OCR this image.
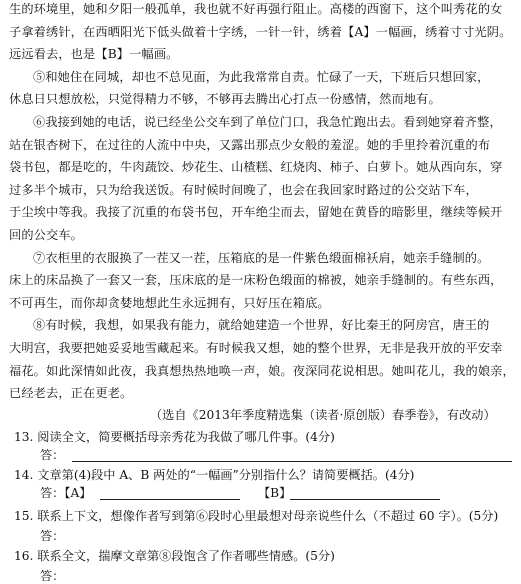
生的环境里，她和夕阳一般孤单，我也就不好再强行阻止。高楼的西窗下，这个叫秀花的女
子拿着绣针，在西晒阳光下低头做着十字绣，一针一针，绣着【A】一幅画，绣着寸寸光阴。
远远看去，也是【B】一幅画。
⑤和她住在同城，却也不总见面，为此我常常自责。忙碌了一天，下班后只想回家，
休息日只想放松，只觉得精力不够，不够再去腾出心打点一份感情，然而地有。
⑥我接到她的电话，说已经坐公交车到了单位门口，我急忙跑出去。看到她穿着齐整，
站在银杏树下，在过往的人流中中央，又露出那点少女般的羞涩。她的手里拎着沉重的布
袋书包，都是吃的，牛肉蔬饺、炒花生、山楂糕、红烧肉、柿子、白萝卜。她从西向东，穿
过多半个城市，只为给我送饭。有时候时间晚了，也会在我回家时路过的公交站下车，
于尘埃中等我。我接了沉重的布袋书包，开车绝尘而去，留她在黄昏的暗影里，继续等候开
回的公交车。
⑦衣柜里的衣服换了一茬又一茬，压箱底的是一件紫色缎面棉袄肩，她亲手缝制的。
床上的床品换了一套又一套，压床底的是一床粉色缎面的棉被，她亲手缝制的。有些东西，
不可再生，而你却贪婪地想此生永远拥有，只好压在箱底。
⑧有时候，我想，如果我有能力，就给她建造一个世界，好比秦王的阿房宫，唐王的
大明宫，我要把她妥妥地雪藏起来。有时候我又想，她的整个世界，无非是我开放的平安幸
福花。如此深情如此夜，我真想热热地唤一声，娘。夜深同花说相思。她叫花儿，我的娘亲，
已经老去，正在更老。
（选自《2013年季度精选集（读者·原创版）春季卷》，有改动）
13. 阅读全文，简要概括母亲秀花为我做了哪几件事。(4分)
答：
14. 文章第(4)段中 A、B 两处的“一幅画”分别指什么？请简要概括。(4分)
答：【A】	【B】
15. 联系上下文，想像作者写到第⑥段时心里最想对母亲说些什么（不超过 60 字）。(5分)
答：
16. 联系全文，揣摩文章第⑧段饱含了作者哪些情感。(5分)
答：
